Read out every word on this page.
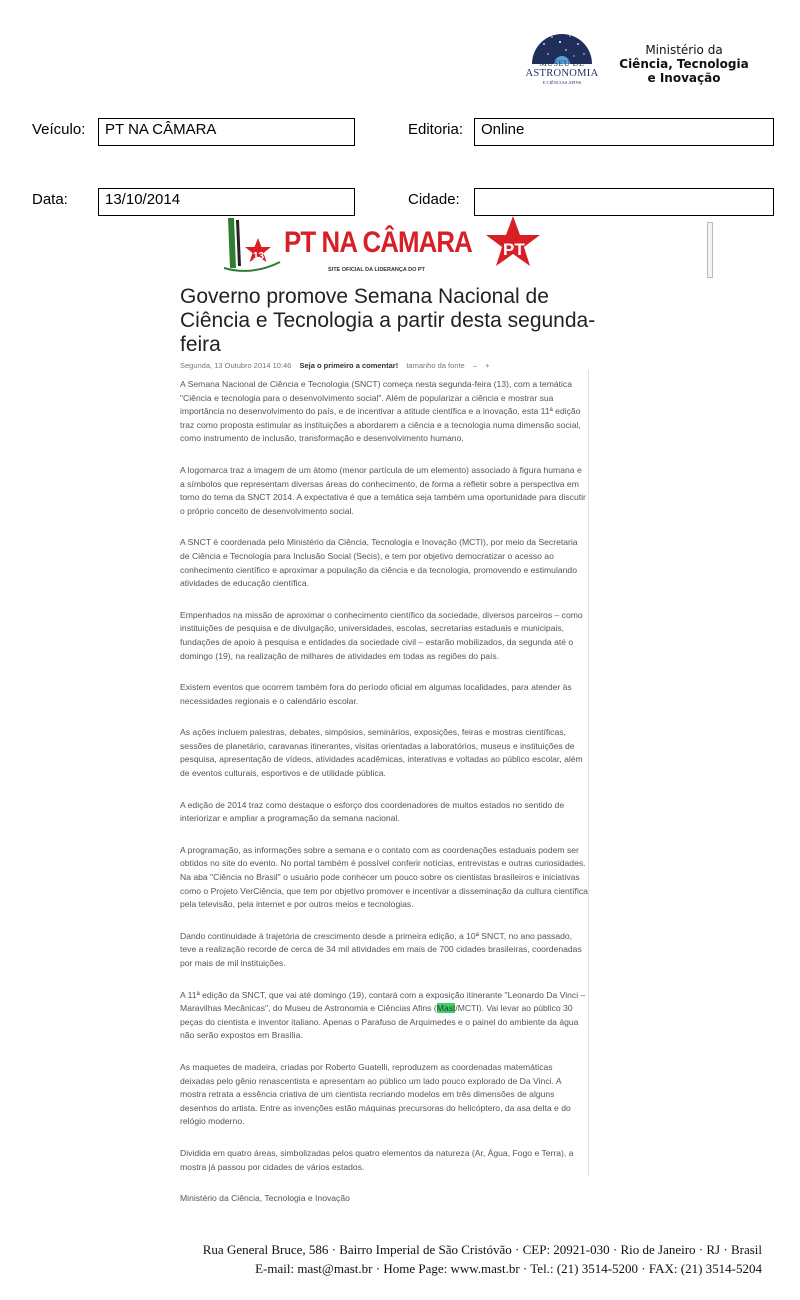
MUSEU DE
ASTRONOMIA
E CIÊNCIAS AFINS
Ministério da
Ciência, Tecnologia
e Inovação
Veículo:	PT NA CÂMARA	Editoria:	Online
Data:	13/10/2014	Cidade:
13	PT
PT NA CÂMARA
SITE OFICIAL DA LIDERANÇA DO PT
Governo promove Semana Nacional de Ciência e Tecnologia a partir desta segunda-feira
Segunda, 13 Outubro 2014 10:46 Seja o primeiro a comentar! tamanho da fonte – +

A Semana Nacional de Ciência e Tecnologia (SNCT) começa nesta segunda-feira (13), com a temática "Ciência e tecnologia para o desenvolvimento social". Além de popularizar a ciência e mostrar sua importância no desenvolvimento do país, e de incentivar a atitude científica e a inovação, esta 11ª edição traz como proposta estimular as instituições a abordarem a ciência e a tecnologia numa dimensão social, como instrumento de inclusão, transformação e desenvolvimento humano.

A logomarca traz a imagem de um átomo (menor partícula de um elemento) associado à figura humana e a símbolos que representam diversas áreas do conhecimento, de forma a refletir sobre a perspectiva em torno do tema da SNCT 2014. A expectativa é que a temática seja também uma oportunidade para discutir o próprio conceito de desenvolvimento social.

A SNCT é coordenada pelo Ministério da Ciência, Tecnologia e Inovação (MCTI), por meio da Secretaria de Ciência e Tecnologia para Inclusão Social (Secis), e tem por objetivo democratizar o acesso ao conhecimento científico e aproximar a população da ciência e da tecnologia, promovendo e estimulando atividades de educação científica.

Empenhados na missão de aproximar o conhecimento científico da sociedade, diversos parceiros – como instituições de pesquisa e de divulgação, universidades, escolas, secretarias estaduais e municipais, fundações de apoio à pesquisa e entidades da sociedade civil – estarão mobilizados, da segunda até o domingo (19), na realização de milhares de atividades em todas as regiões do país.

Existem eventos que ocorrem também fora do período oficial em algumas localidades, para atender às necessidades regionais e o calendário escolar.

As ações incluem palestras, debates, simpósios, seminários, exposições, feiras e mostras científicas, sessões de planetário, caravanas itinerantes, visitas orientadas a laboratórios, museus e instituições de pesquisa, apresentação de vídeos, atividades acadêmicas, interativas e voltadas ao público escolar, além de eventos culturais, esportivos e de utilidade pública.

A edição de 2014 traz como destaque o esforço dos coordenadores de muitos estados no sentido de interiorizar e ampliar a programação da semana nacional.

A programação, as informações sobre a semana e o contato com as coordenações estaduais podem ser obtidos no site do evento. No portal também é possível conferir notícias, entrevistas e outras curiosidades. Na aba "Ciência no Brasil" o usuário pode conhecer um pouco sobre os cientistas brasileiros e iniciativas como o Projeto VerCiência, que tem por objetivo promover e incentivar a disseminação da cultura científica pela televisão, pela internet e por outros meios e tecnologias.

Dando continuidade à trajetória de crescimento desde a primeira edição, a 10ª SNCT, no ano passado, teve a realização recorde de cerca de 34 mil atividades em mais de 700 cidades brasileiras, coordenadas por mais de mil instituições.

A 11ª edição da SNCT, que vai até domingo (19), contará com a exposição itinerante "Leonardo Da Vinci – Maravilhas Mecânicas", do Museu de Astronomia e Ciências Afins (Mast/MCTI). Vai levar ao público 30 peças do cientista e inventor italiano. Apenas o Parafuso de Arquimedes e o painel do ambiente da água não serão expostos em Brasília.

As maquetes de madeira, criadas por Roberto Guatelli, reproduzem as coordenadas matemáticas deixadas pelo gênio renascentista e apresentam ao público um lado pouco explorado de Da Vinci. A mostra retrata a essência criativa de um cientista recriando modelos em três dimensões de alguns desenhos do artista. Entre as invenções estão máquinas precursoras do helicóptero, da asa delta e do relógio moderno.

Dividida em quatro áreas, simbolizadas pelos quatro elementos da natureza (Ar, Água, Fogo e Terra), a mostra já passou por cidades de vários estados.

Ministério da Ciência, Tecnologia e Inovação

Rua General Bruce, 586 · Bairro Imperial de São Cristóvão · CEP: 20921-030 · Rio de Janeiro · RJ · Brasil
E-mail: mast@mast.br · Home Page: www.mast.br · Tel.: (21) 3514-5200 · FAX: (21) 3514-5204
